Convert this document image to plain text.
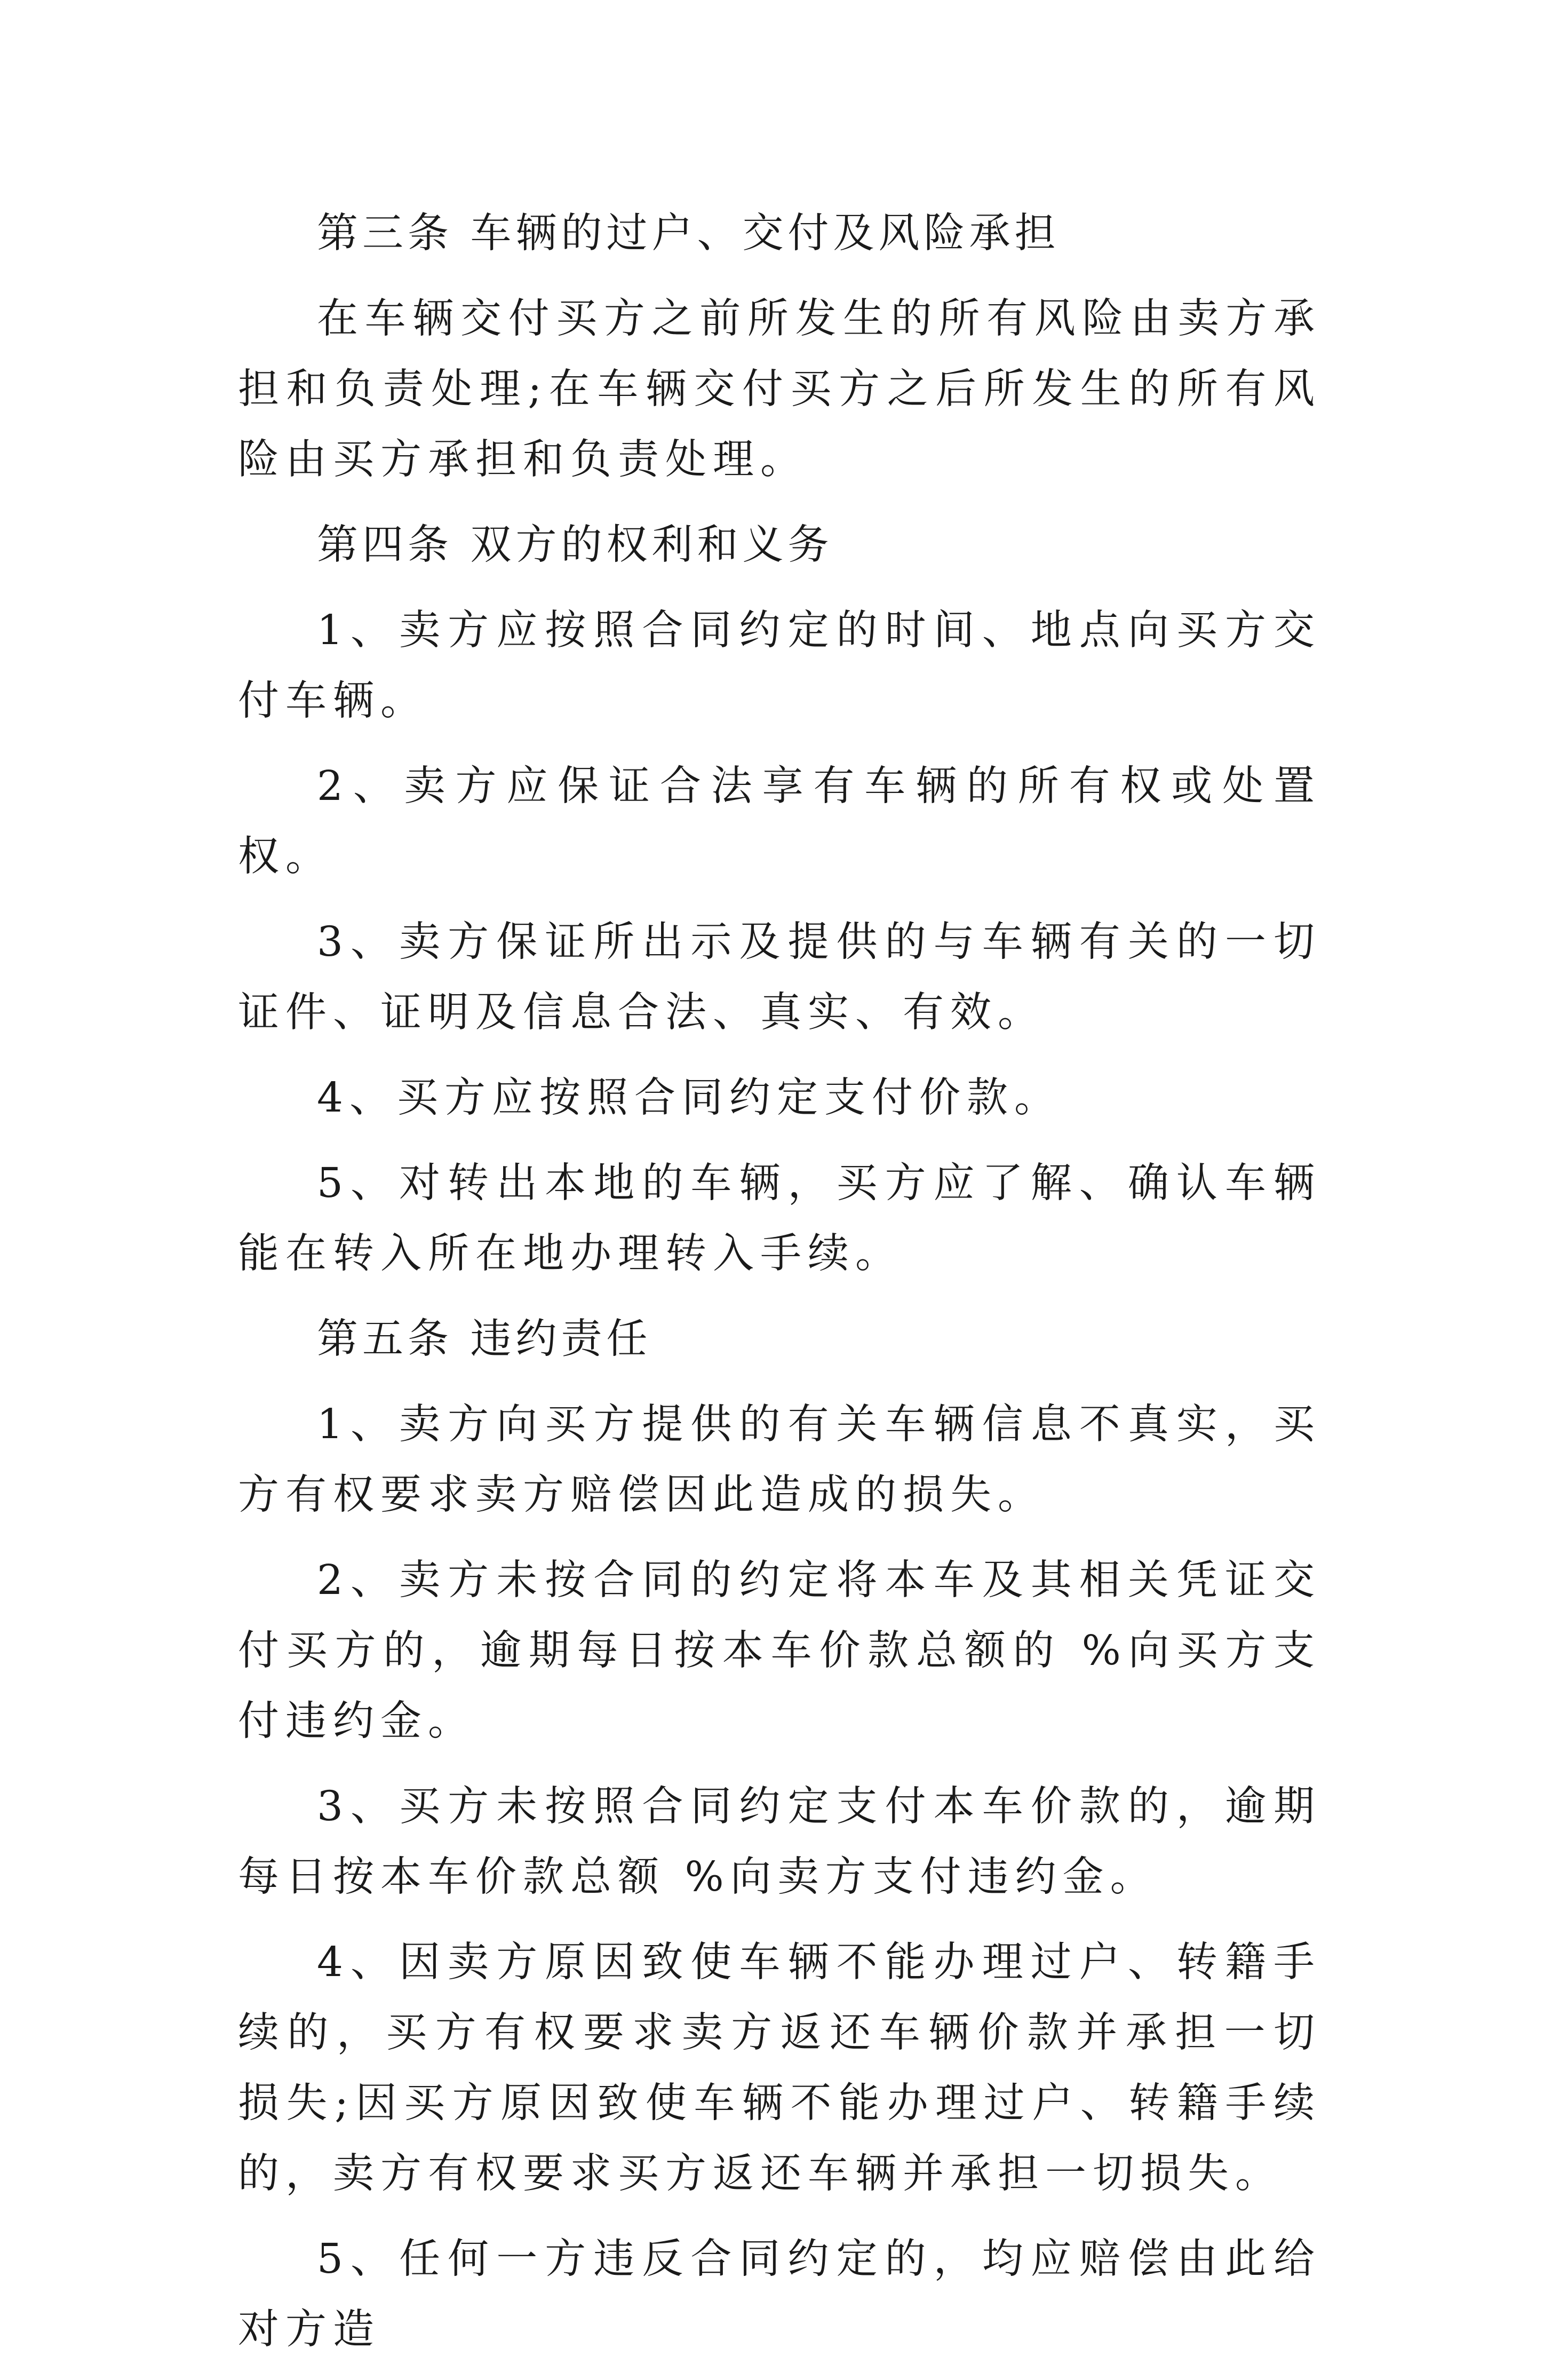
第三条 车辆的过户、交付及风险承担

在车辆交付买方之前所发生的所有风险由卖方承担和负责处理;在车辆交付买方之后所发生的所有风险由买方承担和负责处理。

第四条 双方的权利和义务

1、卖方应按照合同约定的时间、地点向买方交付车辆。

2、卖方应保证合法享有车辆的所有权或处置权。

3、卖方保证所出示及提供的与车辆有关的一切证件、证明及信息合法、真实、有效。

4、买方应按照合同约定支付价款。

5、对转出本地的车辆，买方应了解、确认车辆能在转入所在地办理转入手续。

第五条 违约责任

1、卖方向买方提供的有关车辆信息不真实，买方有权要求卖方赔偿因此造成的损失。

2、卖方未按合同的约定将本车及其相关凭证交付买方的，逾期每日按本车价款总额的 %向买方支付违约金。

3、买方未按照合同约定支付本车价款的，逾期每日按本车价款总额 %向卖方支付违约金。

4、因卖方原因致使车辆不能办理过户、转籍手续的，买方有权要求卖方返还车辆价款并承担一切损失;因买方原因致使车辆不能办理过户、转籍手续的，卖方有权要求买方返还车辆并承担一切损失。

5、任何一方违反合同约定的，均应赔偿由此给对方造
